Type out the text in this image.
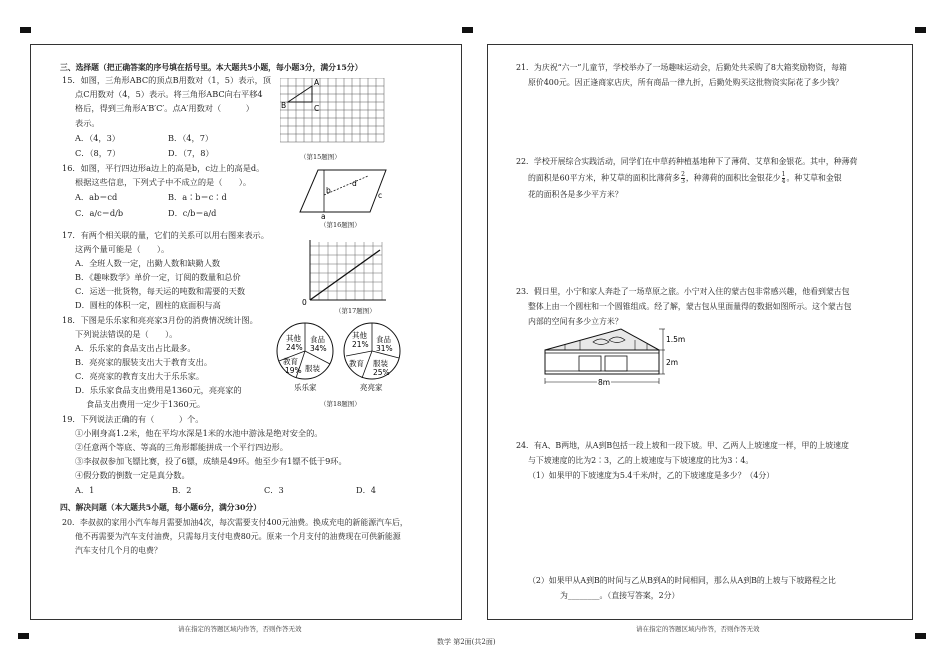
三、选择题（把正确答案的序号填在括号里。本大题共5小题，每小题3分，满分15分）
15．如图，三角形ABC的顶点B用数对（1，5）表示，顶
点C用数对（4，5）表示。将三角形ABC向右平移4
格后，得到三角形A′B′C′。点A′用数对（　　　）
表示。
A．（4，3）	B．（4，7）
C．（8，7）	D．（7，8）
A
B	C
（第15题图）
16．如图，平行四边形a边上的高是b，c边上的高是d。
根据这些信息，下列式子中不成立的是（　　）。
A．ab＝cd	B．a∶b＝c∶d
C．a/c＝d/b	D．c/b＝a/d
b
d
c
a
（第16题图）
17．有两个相关联的量，它们的关系可以用右图来表示。
这两个量可能是（　　）。
A．全班人数一定，出勤人数和缺勤人数
B．《趣味数学》单价一定，订阅的数量和总价
C．运送一批货物，每天运的吨数和需要的天数
D．圆柱的体积一定，圆柱的底面积与高	0
（第17题图）
18．下图是乐乐家和亮亮家3月份的消费情况统计图。
下列说法错误的是（　　）。
A．乐乐家的食品支出占比最多。
B．亮亮家的服装支出大于教育支出。
C．亮亮家的教育支出大于乐乐家。
D．乐乐家食品支出费用是1360元，亮亮家的
食品支出费用一定少于1360元。
其他
24%
食品
34%
教育
19% 服装
乐乐家
其他
21%
食品
31%
教育 服装
25%
亮亮家
（第18题图）
19．下列说法正确的有（　　　）个。
①小刚身高1.2米，他在平均水深是1米的水池中游泳是绝对安全的。
②任意两个等底、等高的三角形都能拼成一个平行四边形。
③李叔叔参加飞镖比赛，投了6镖，成绩是49环。他至少有1镖不低于9环。
④假分数的倒数一定是真分数。
A．1	B．2	C．3	D．4
四、解决问题（本大题共5小题，每小题6分，满分30分）
20．李叔叔的家用小汽车每月需要加油4次，每次需要支付400元油费。换成充电的新能源汽车后，
他不再需要为汽车支付油费，只需每月支付电费80元。原来一个月支付的油费现在可供新能源
汽车支付几个月的电费？
21．为庆祝“六一”儿童节，学校举办了一场趣味运动会，后勤处共采购了8大箱奖励物资，每箱
原价400元。因正逢商家店庆，所有商品一律九折，后勤处购买这批物资实际花了多少钱？
22．学校开展综合实践活动，同学们在中草药种植基地种下了薄荷、艾草和金银花。其中，种薄荷
的面积是60平方米，种艾草的面积比薄荷多 $\frac{2}{3}$ ，种薄荷的面积比金银花少 $\frac{1}{4}$ 。种艾草和金银
花的面积各是多少平方米？
23．假日里，小宁和家人奔赴了一场草原之旅。小宁对入住的蒙古包非常感兴趣，他看到蒙古包
整体上由一个圆柱和一个圆锥组成。经了解，蒙古包从里面量得的数据如图所示。这个蒙古包
内部的空间有多少立方米？
1.5m
2m
8m
24．有A、B两地，从A到B包括一段上坡和一段下坡。甲、乙两人上坡速度一样，甲的上坡速度
与下坡速度的比为2∶3，乙的上坡速度与下坡速度的比为3∶4。
（1）如果甲的下坡速度为5.4千米/时，乙的下坡速度是多少？（4分）
（2）如果甲从A到B的时间与乙从B到A的时间相同，那么从A到B的上坡与下坡路程之比
为________。（直接写答案，2分）
请在指定的答题区域内作答，否则作答无效
数学 第2面(共2面)
请在指定的答题区域内作答，否则作答无效
